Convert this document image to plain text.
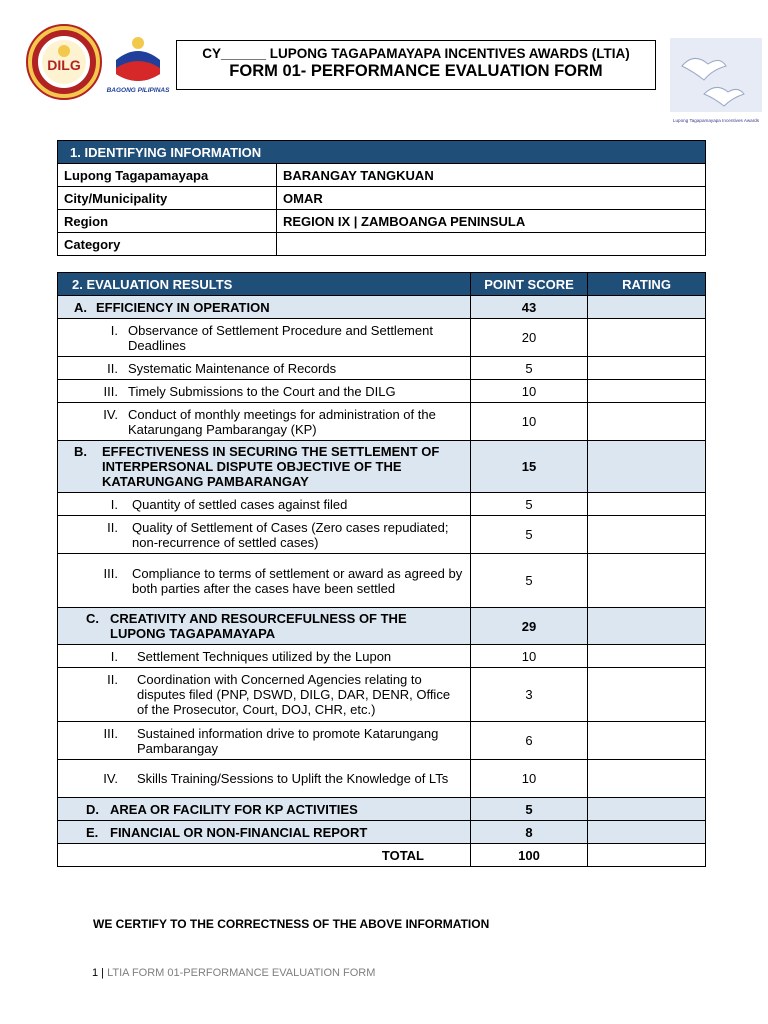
DILG
BAGONG PILIPINAS
CY______ LUPONG TAGAPAMAYAPA INCENTIVES AWARDS (LTIA)
FORM 01- PERFORMANCE EVALUATION FORM
Lupong Tagapamayapa Incentives Awards
1. IDENTIFYING INFORMATION	
Lupong Tagapamayapa	BARANGAY TANGKUAN
City/Municipality	OMAR
Region	REGION IX | ZAMBOANGA PENINSULA
Category	
2. EVALUATION RESULTS	POINT SCORE	RATING

A. EFFICIENCY IN OPERATION	43	

I. Observance of Settlement Procedure and Settlement Deadlines	20	

II. Systematic Maintenance of Records	5	

III. Timely Submissions to the Court and the DILG	10	

IV. Conduct of monthly meetings for administration of the Katarungang Pambarangay (KP)	10	

B. EFFECTIVENESS IN SECURING THE SETTLEMENT OF INTERPERSONAL DISPUTE OBJECTIVE OF THE KATARUNGANG PAMBARANGAY	15	

I. Quantity of settled cases against filed	5	

II. Quality of Settlement of Cases (Zero cases repudiated; non-recurrence of settled cases)	5	

III. Compliance to terms of settlement or award as agreed by both parties after the cases have been settled	5	

C. CREATIVITY AND RESOURCEFULNESS OF THE LUPONG TAGAPAMAYAPA	29	

I. Settlement Techniques utilized by the Lupon	10	

II. Coordination with Concerned Agencies relating to disputes filed (PNP, DSWD, DILG, DAR, DENR, Office of the Prosecutor, Court, DOJ, CHR, etc.)	3	

III. Sustained information drive to promote Katarungang Pambarangay	6	

IV. Skills Training/Sessions to Uplift the Knowledge of LTs	10	

D. AREA OR FACILITY FOR KP ACTIVITIES	5	

E. FINANCIAL OR NON-FINANCIAL REPORT	8	
TOTAL	100	
WE CERTIFY TO THE CORRECTNESS OF THE ABOVE INFORMATION
1 | LTIA FORM 01-PERFORMANCE EVALUATION FORM
